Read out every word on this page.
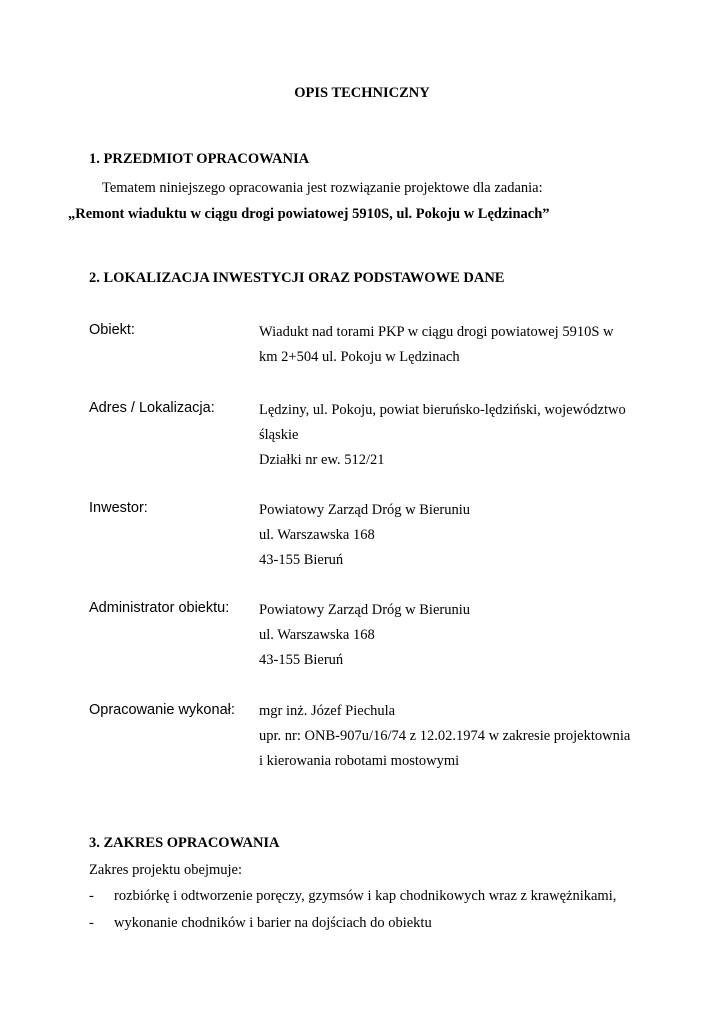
OPIS TECHNICZNY
1. PRZEDMIOT OPRACOWANIA
Tematem niniejszego opracowania jest rozwiązanie projektowe dla zadania:
„Remont wiaduktu w ciągu drogi powiatowej 5910S, ul. Pokoju w Lędzinach”
2. LOKALIZACJA INWESTYCJI ORAZ PODSTAWOWE DANE
Obiekt:	Wiadukt nad torami PKP w ciągu drogi powiatowej 5910S w
km 2+504 ul. Pokoju w Lędzinach
Adres / Lokalizacja:	Lędziny, ul. Pokoju, powiat bieruńsko-lędziński, województwo
śląskie
Działki nr ew. 512/21
Inwestor:	Powiatowy Zarząd Dróg w Bieruniu
ul. Warszawska 168
43-155 Bieruń
Administrator obiektu: Powiatowy Zarząd Dróg w Bieruniu
ul. Warszawska 168
43-155 Bieruń
Opracowanie wykonał: mgr inż. Józef Piechula
upr. nr: ONB-907u/16/74 z 12.02.1974 w zakresie projektownia
i kierowania robotami mostowymi
3. ZAKRES OPRACOWANIA
Zakres projektu obejmuje:
- rozbiórkę i odtworzenie poręczy, gzymsów i kap chodnikowych wraz z krawężnikami,
- wykonanie chodników i barier na dojściach do obiektu
